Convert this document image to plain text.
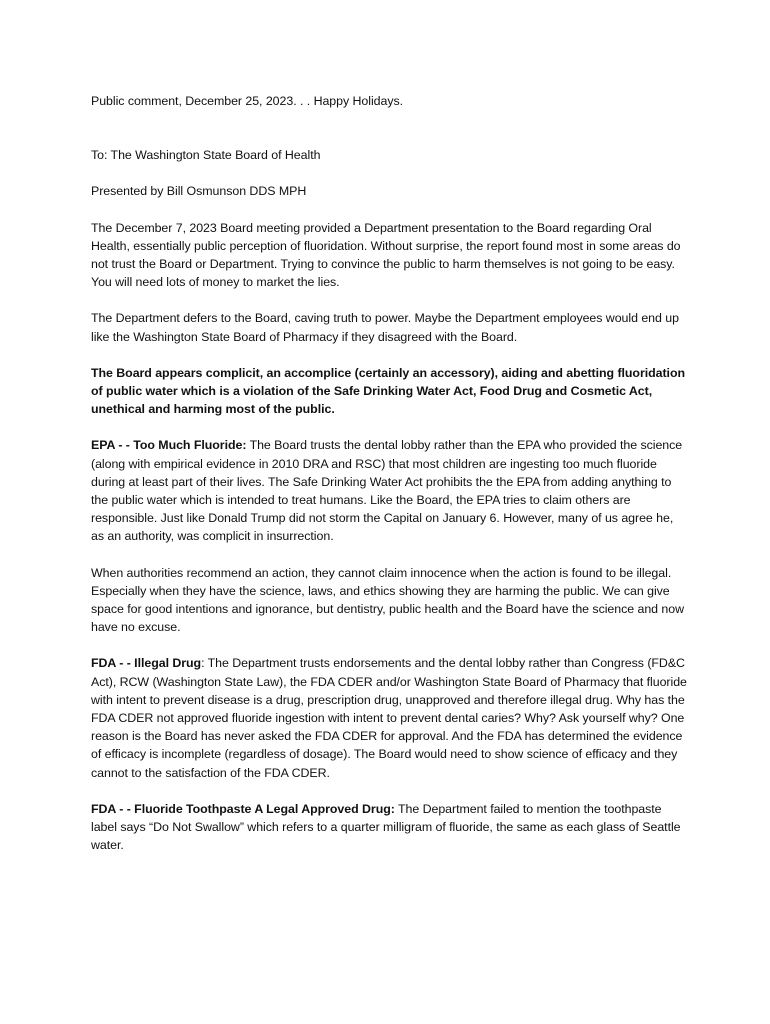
Public comment, December 25, 2023. . . Happy Holidays.

To: The Washington State Board of Health

Presented by Bill Osmunson DDS MPH

The December 7, 2023 Board meeting provided a Department presentation to the Board regarding Oral Health, essentially public perception of fluoridation. Without surprise, the report found most in some areas do not trust the Board or Department. Trying to convince the public to harm themselves is not going to be easy. You will need lots of money to market the lies.

The Department defers to the Board, caving truth to power. Maybe the Department employees would end up like the Washington State Board of Pharmacy if they disagreed with the Board.

The Board appears complicit, an accomplice (certainly an accessory), aiding and abetting fluoridation of public water which is a violation of the Safe Drinking Water Act, Food Drug and Cosmetic Act, unethical and harming most of the public.

EPA - - Too Much Fluoride: The Board trusts the dental lobby rather than the EPA who provided the science (along with empirical evidence in 2010 DRA and RSC) that most children are ingesting too much fluoride during at least part of their lives. The Safe Drinking Water Act prohibits the the EPA from adding anything to the public water which is intended to treat humans. Like the Board, the EPA tries to claim others are responsible. Just like Donald Trump did not storm the Capital on January 6. However, many of us agree he, as an authority, was complicit in insurrection.

When authorities recommend an action, they cannot claim innocence when the action is found to be illegal. Especially when they have the science, laws, and ethics showing they are harming the public. We can give space for good intentions and ignorance, but dentistry, public health and the Board have the science and now have no excuse.

FDA - - Illegal Drug: The Department trusts endorsements and the dental lobby rather than Congress (FD&C Act), RCW (Washington State Law), the FDA CDER and/or Washington State Board of Pharmacy that fluoride with intent to prevent disease is a drug, prescription drug, unapproved and therefore illegal drug. Why has the FDA CDER not approved fluoride ingestion with intent to prevent dental caries? Why? Ask yourself why? One reason is the Board has never asked the FDA CDER for approval. And the FDA has determined the evidence of efficacy is incomplete (regardless of dosage). The Board would need to show science of efficacy and they cannot to the satisfaction of the FDA CDER.

FDA - - Fluoride Toothpaste A Legal Approved Drug: The Department failed to mention the toothpaste label says “Do Not Swallow” which refers to a quarter milligram of fluoride, the same as each glass of Seattle water.
